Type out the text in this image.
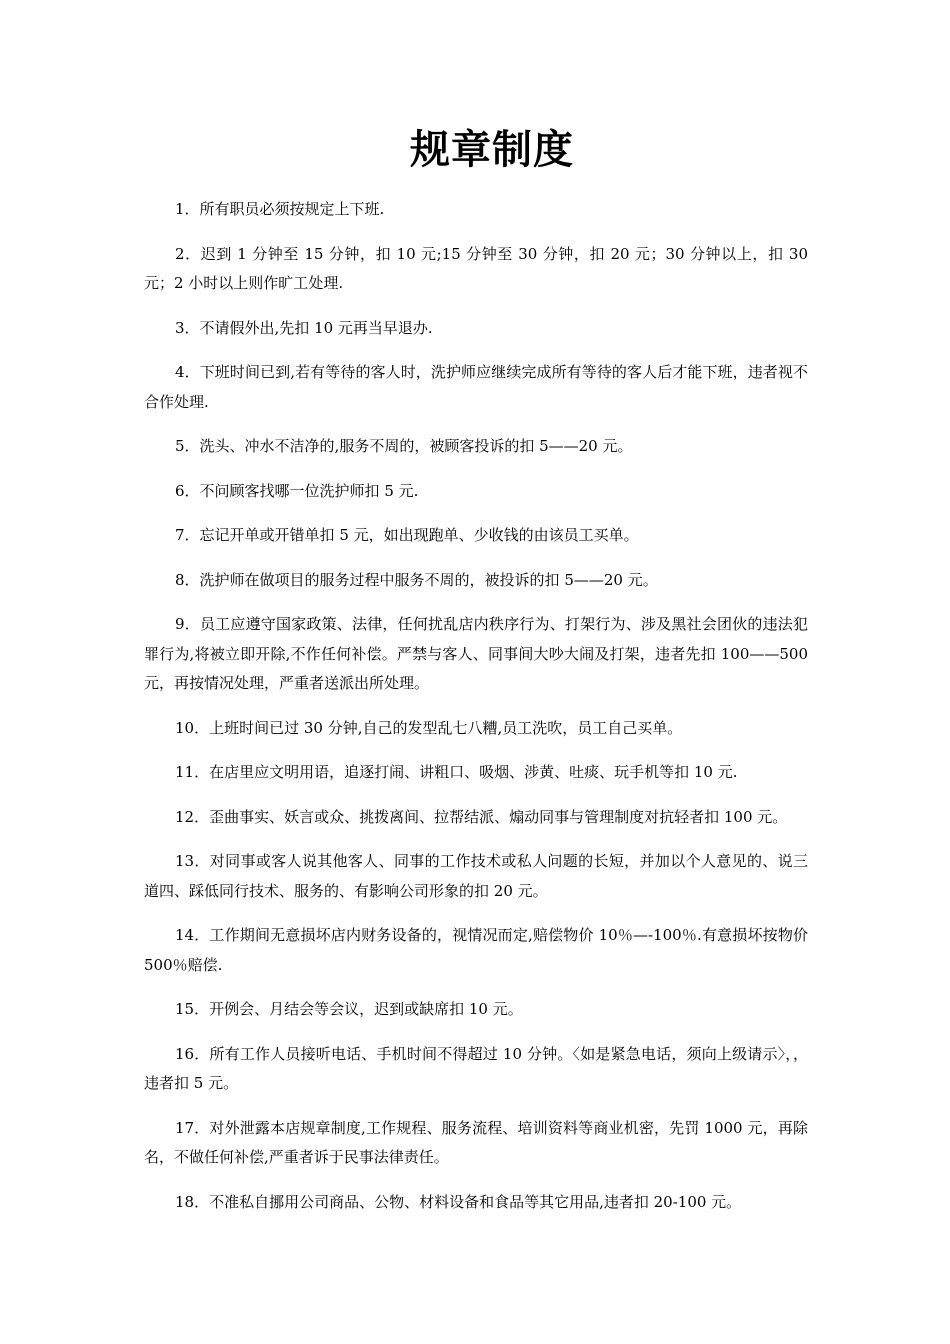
规章制度

1．所有职员必须按规定上下班.

2．迟到 1 分钟至 15 分钟，扣 10 元;15 分钟至 30 分钟，扣 20 元；30 分钟以上，扣 30 元；2 小时以上则作旷工处理.

3．不请假外出,先扣 10 元再当早退办.

4．下班时间已到,若有等待的客人时，洗护师应继续完成所有等待的客人后才能下班，违者视不合作处理.

5．洗头、冲水不洁净的,服务不周的，被顾客投诉的扣 5——20 元。

6．不问顾客找哪一位洗护师扣 5 元.

7．忘记开单或开错单扣 5 元，如出现跑单、少收钱的由该员工买单。

8．洗护师在做项目的服务过程中服务不周的，被投诉的扣 5——20 元。

9．员工应遵守国家政策、法律，任何扰乱店内秩序行为、打架行为、涉及黑社会团伙的违法犯罪行为,将被立即开除,不作任何补偿。严禁与客人、同事间大吵大闹及打架，违者先扣 100——500 元，再按情况处理，严重者送派出所处理。

10．上班时间已过 30 分钟,自己的发型乱七八糟,员工洗吹，员工自己买单。

11．在店里应文明用语，追逐打闹、讲粗口、吸烟、涉黄、吐痰、玩手机等扣 10 元.

12．歪曲事实、妖言或众、挑拨离间、拉帮结派、煽动同事与管理制度对抗轻者扣 100 元。

13．对同事或客人说其他客人、同事的工作技术或私人问题的长短，并加以个人意见的、说三道四、踩低同行技术、服务的、有影响公司形象的扣 20 元。

14．工作期间无意损坏店内财务设备的，视情况而定,赔偿物价 10％—-100％.有意损坏按物价 500％赔偿.

15．开例会、月结会等会议，迟到或缺席扣 10 元。

16．所有工作人员接听电话、手机时间不得超过 10 分钟。〈如是紧急电话，须向上级请示〉，，违者扣 5 元。

17．对外泄露本店规章制度,工作规程、服务流程、培训资料等商业机密，先罚 1000 元，再除名，不做任何补偿,严重者诉于民事法律责任。

18．不准私自挪用公司商品、公物、材料设备和食品等其它用品,违者扣 20-100 元。
